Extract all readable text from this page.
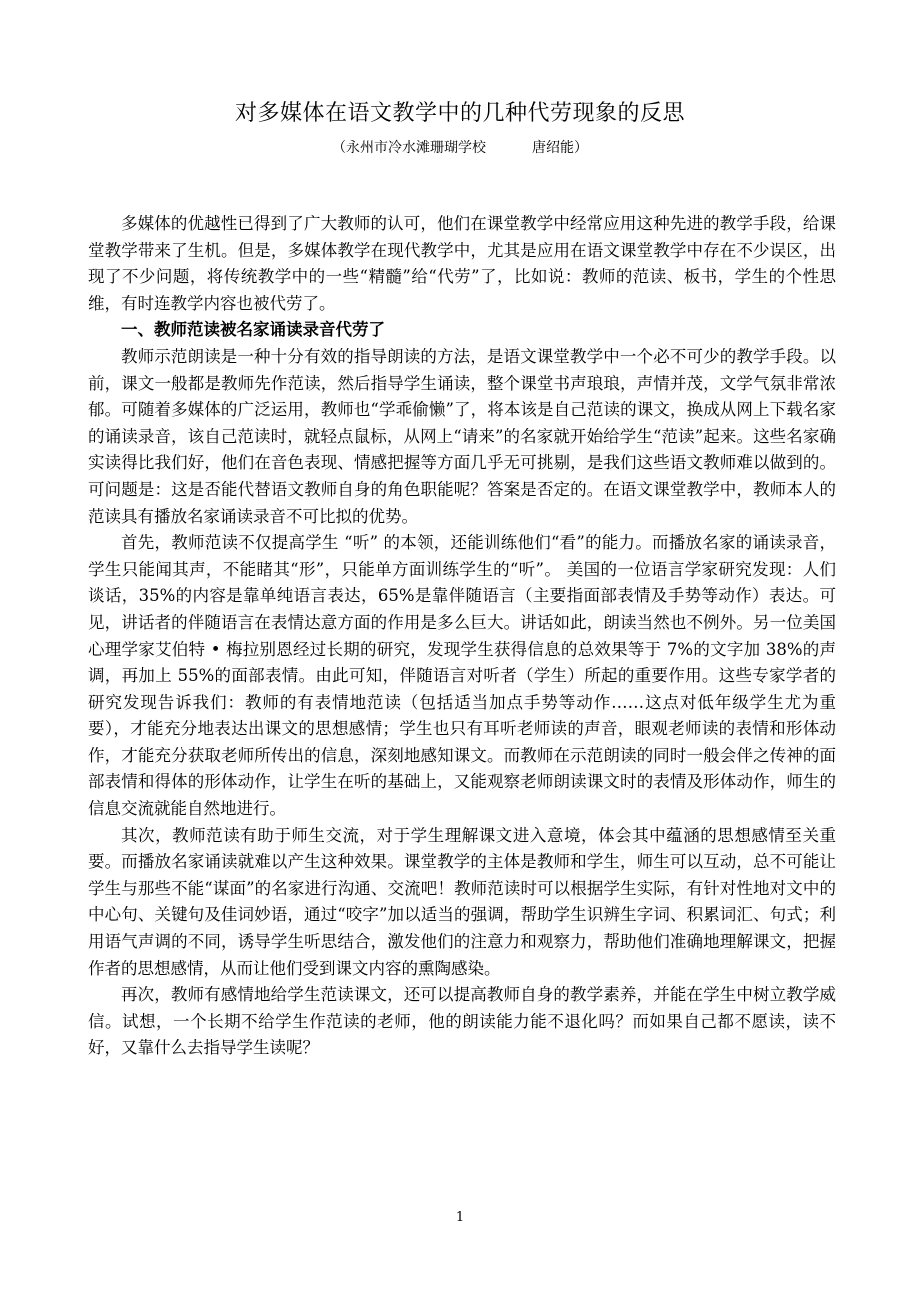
对多媒体在语文教学中的几种代劳现象的反思
（永州市冷水滩珊瑚学校	唐绍能）

多媒体的优越性已得到了广大教师的认可，他们在课堂教学中经常应用这种先进的教学手段，给课堂教学带来了生机。但是，多媒体教学在现代教学中，尤其是应用在语文课堂教学中存在不少误区，出现了不少问题，将传统教学中的一些“精髓”给“代劳”了，比如说：教师的范读、板书，学生的个性思维，有时连教学内容也被代劳了。

一、教师范读被名家诵读录音代劳了

教师示范朗读是一种十分有效的指导朗读的方法，是语文课堂教学中一个必不可少的教学手段。以前，课文一般都是教师先作范读，然后指导学生诵读，整个课堂书声琅琅，声情并茂，文学气氛非常浓郁。可随着多媒体的广泛运用，教师也“学乖偷懒”了，将本该是自己范读的课文，换成从网上下载名家的诵读录音，该自己范读时，就轻点鼠标，从网上“请来”的名家就开始给学生“范读”起来。这些名家确实读得比我们好，他们在音色表现、情感把握等方面几乎无可挑剔，是我们这些语文教师难以做到的。可问题是：这是否能代替语文教师自身的角色职能呢？答案是否定的。在语文课堂教学中，教师本人的范读具有播放名家诵读录音不可比拟的优势。

首先，教师范读不仅提高学生 “听” 的本领，还能训练他们“看”的能力。而播放名家的诵读录音，学生只能闻其声，不能睹其“形”，只能单方面训练学生的“听”。 美国的一位语言学家研究发现：人们谈话，35%的内容是靠单纯语言表达，65%是靠伴随语言（主要指面部表情及手势等动作）表达。可见，讲话者的伴随语言在表情达意方面的作用是多么巨大。讲话如此，朗读当然也不例外。另一位美国心理学家艾伯特 • 梅拉别恩经过长期的研究，发现学生获得信息的总效果等于 7%的文字加 38%的声调，再加上 55%的面部表情。由此可知，伴随语言对听者（学生）所起的重要作用。这些专家学者的研究发现告诉我们：教师的有表情地范读（包括适当加点手势等动作……这点对低年级学生尤为重要），才能充分地表达出课文的思想感情；学生也只有耳听老师读的声音，眼观老师读的表情和形体动作，才能充分获取老师所传出的信息，深刻地感知课文。而教师在示范朗读的同时一般会伴之传神的面部表情和得体的形体动作，让学生在听的基础上，又能观察老师朗读课文时的表情及形体动作，师生的信息交流就能自然地进行。

其次，教师范读有助于师生交流，对于学生理解课文进入意境，体会其中蕴涵的思想感情至关重要。而播放名家诵读就难以产生这种效果。课堂教学的主体是教师和学生，师生可以互动，总不可能让学生与那些不能“谋面”的名家进行沟通、交流吧！教师范读时可以根据学生实际，有针对性地对文中的中心句、关键句及佳词妙语，通过“咬字”加以适当的强调，帮助学生识辨生字词、积累词汇、句式；利用语气声调的不同，诱导学生听思结合，激发他们的注意力和观察力，帮助他们准确地理解课文，把握作者的思想感情，从而让他们受到课文内容的熏陶感染。

再次，教师有感情地给学生范读课文，还可以提高教师自身的教学素养，并能在学生中树立教学威信。试想，一个长期不给学生作范读的老师，他的朗读能力能不退化吗？而如果自己都不愿读，读不好，又靠什么去指导学生读呢？

1
